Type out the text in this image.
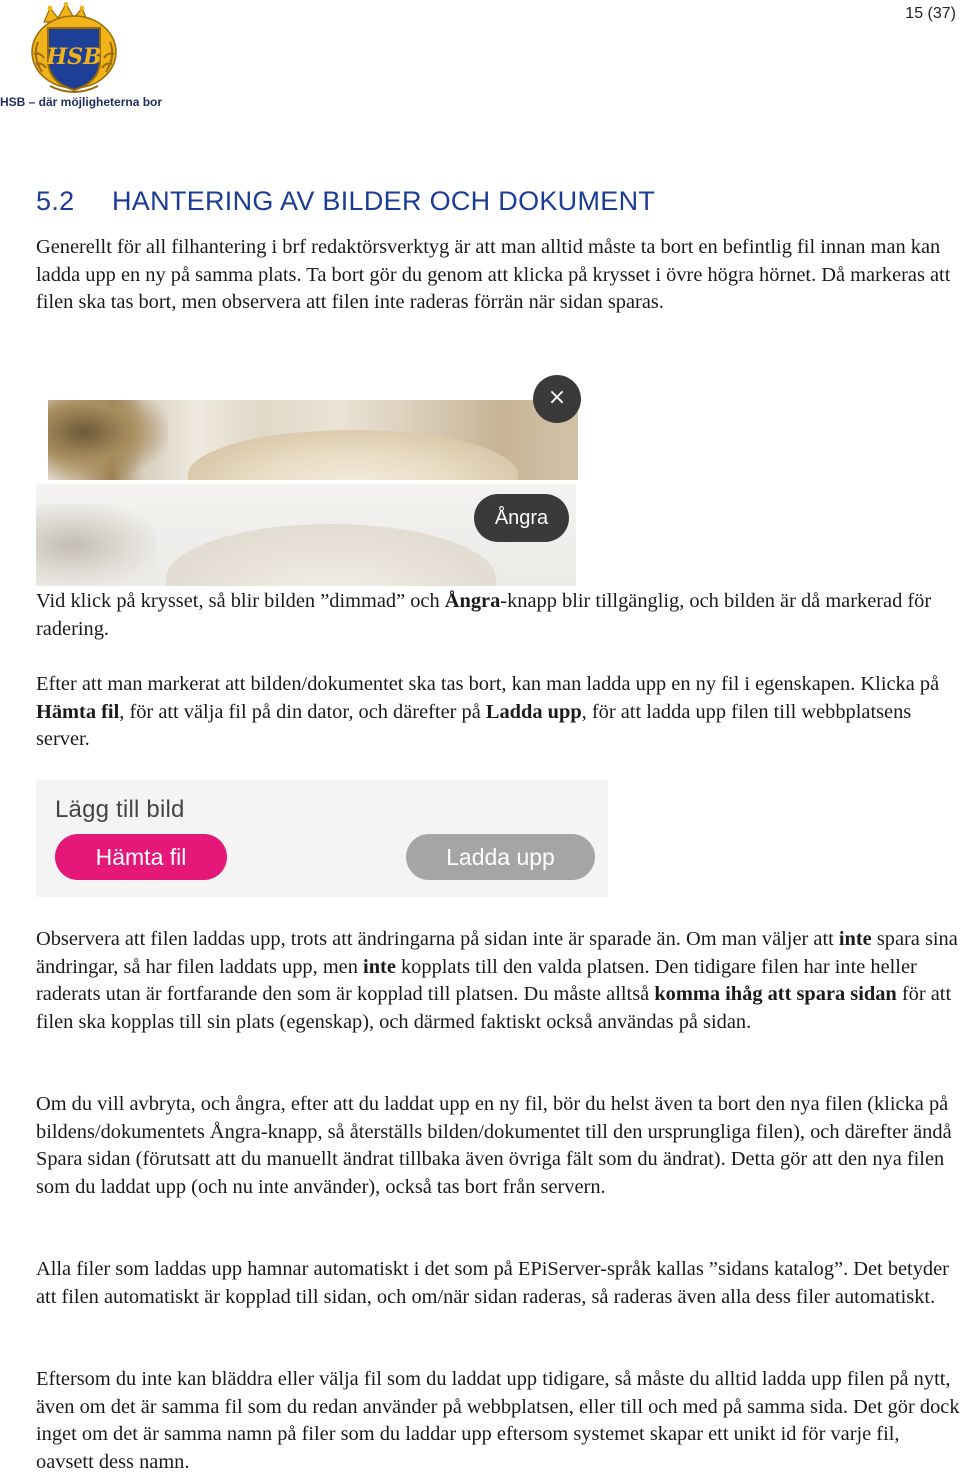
15 (37)
HSB
HSB – där möjligheterna bor
5.2 HANTERING AV BILDER OCH DOKUMENT

Generellt för all filhantering i brf redaktörsverktyg är att man alltid måste ta bort en befintlig fil innan man kan ladda upp en ny på samma plats. Ta bort gör du genom att klicka på krysset i övre högra hörnet. Då markeras att filen ska tas bort, men observera att filen inte raderas förrän när sidan sparas.

×
Ångra

Vid klick på krysset, så blir bilden ”dimmad” och Ångra-knapp blir tillgänglig, och bilden är då markerad för radering.

Efter att man markerat att bilden/dokumentet ska tas bort, kan man ladda upp en ny fil i egenskapen. Klicka på Hämta fil, för att välja fil på din dator, och därefter på Ladda upp, för att ladda upp filen till webbplatsens server.

Lägg till bild
Hämta fil	Ladda upp

Observera att filen laddas upp, trots att ändringarna på sidan inte är sparade än. Om man väljer att inte spara sina ändringar, så har filen laddats upp, men inte kopplats till den valda platsen. Den tidigare filen har inte heller raderats utan är fortfarande den som är kopplad till platsen. Du måste alltså komma ihåg att spara sidan för att filen ska kopplas till sin plats (egenskap), och därmed faktiskt också användas på sidan.

Om du vill avbryta, och ångra, efter att du laddat upp en ny fil, bör du helst även ta bort den nya filen (klicka på bildens/dokumentets Ångra-knapp, så återställs bilden/dokumentet till den ursprungliga filen), och därefter ändå Spara sidan (förutsatt att du manuellt ändrat tillbaka även övriga fält som du ändrat). Detta gör att den nya filen som du laddat upp (och nu inte använder), också tas bort från servern.

Alla filer som laddas upp hamnar automatiskt i det som på EPiServer-språk kallas ”sidans katalog”. Det betyder att filen automatiskt är kopplad till sidan, och om/när sidan raderas, så raderas även alla dess filer automatiskt.

Eftersom du inte kan bläddra eller välja fil som du laddat upp tidigare, så måste du alltid ladda upp filen på nytt, även om det är samma fil som du redan använder på webbplatsen, eller till och med på samma sida. Det gör dock inget om det är samma namn på filer som du laddar upp eftersom systemet skapar ett unikt id för varje fil, oavsett dess namn.
